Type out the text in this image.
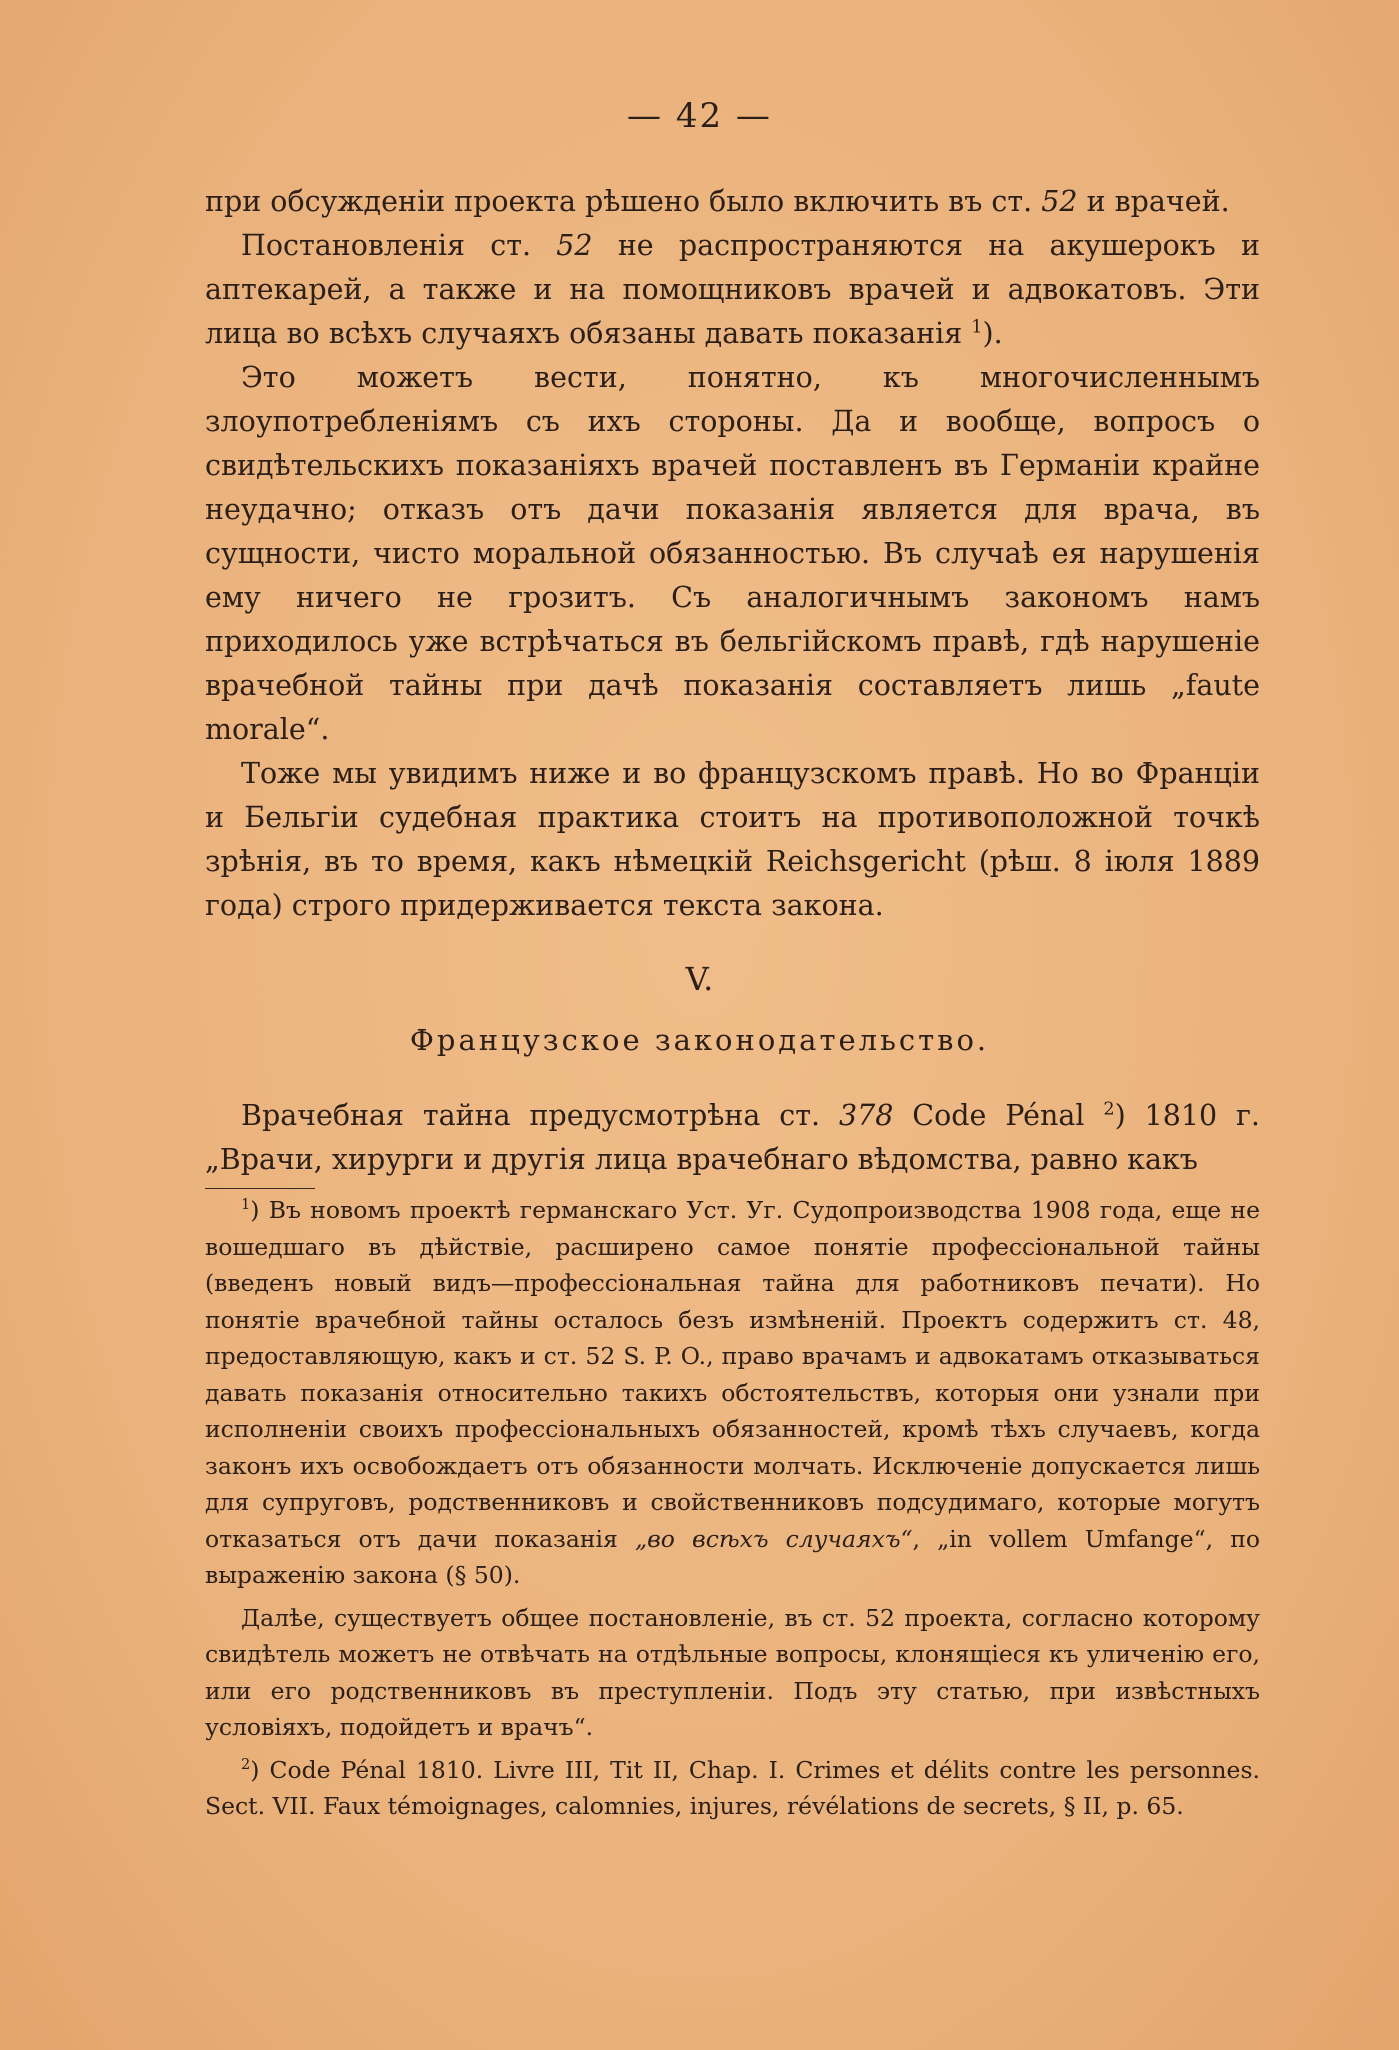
— 42 —

при обсужденіи проекта рѣшено было включить въ ст. 52 и врачей.

Постановленія ст. 52 не распространяются на акушерокъ и аптекарей, а также и на помощниковъ врачей и адвокатовъ. Эти лица во всѣхъ случаяхъ обязаны давать показанія $^1$).

Это можетъ вести, понятно, къ многочисленнымъ злоупотребленіямъ съ ихъ стороны. Да и вообще, вопросъ о свидѣтельскихъ показаніяхъ врачей поставленъ въ Германіи крайне неудачно; отказъ отъ дачи показанія является для врача, въ сущности, чисто моральной обязанностью. Въ случаѣ ея нарушенія ему ничего не грозитъ. Съ аналогичнымъ закономъ намъ приходилось уже встрѣчаться въ бельгійскомъ правѣ, гдѣ нарушеніе врачебной тайны при дачѣ показанія составляетъ лишь „faute morale“.

Тоже мы увидимъ ниже и во французскомъ правѣ. Но во Франціи и Бельгіи судебная практика стоитъ на противоположной точкѣ зрѣнія, въ то время, какъ нѣмецкій Reichsgericht (рѣш. 8 іюля 1889 года) строго придерживается текста закона.

V.
Французское законодательство.

Врачебная тайна предусмотрѣна ст. 378 Code Pénal $^2$) 1810 г. „Врачи, хирурги и другія лица врачебнаго вѣдомства, равно какъ

$^1$) Въ новомъ проектѣ германскаго Уст. Уг. Судопроизводства 1908 года, еще не вошедшаго въ дѣйствіе, расширено самое понятіе профессіональной тайны (введенъ новый видъ—профессіональная тайна для работниковъ печати). Но понятіе врачебной тайны осталось безъ измѣненій. Проектъ содержитъ ст. 48, предоставляющую, какъ и ст. 52 S. P. O., право врачамъ и адвокатамъ отказываться давать показанія относительно такихъ обстоятельствъ, которыя они узнали при исполненіи своихъ профессіональныхъ обязанностей, кромѣ тѣхъ случаевъ, когда законъ ихъ освобождаетъ отъ обязанности молчать. Исключеніе допускается лишь для супруговъ, родственниковъ и свойственниковъ подсудимаго, которые могутъ отказаться отъ дачи показанія „во всѣхъ случаяхъ“, „in vollem Umfange“, по выраженію закона (§ 50).

Далѣе, существуетъ общее постановленіе, въ ст. 52 проекта, согласно которому свидѣтель можетъ не отвѣчать на отдѣльные вопросы, клонящіеся къ уличенію его, или его родственниковъ въ преступленіи. Подъ эту статью, при извѣстныхъ условіяхъ, подойдетъ и врачъ“.

$^2$) Code Pénal 1810. Livre III, Tit II, Chap. I. Crimes et délits contre les personnes. Sect. VII. Faux témoignages, calomnies, injures, révélations de secrets, § II, p. 65.
